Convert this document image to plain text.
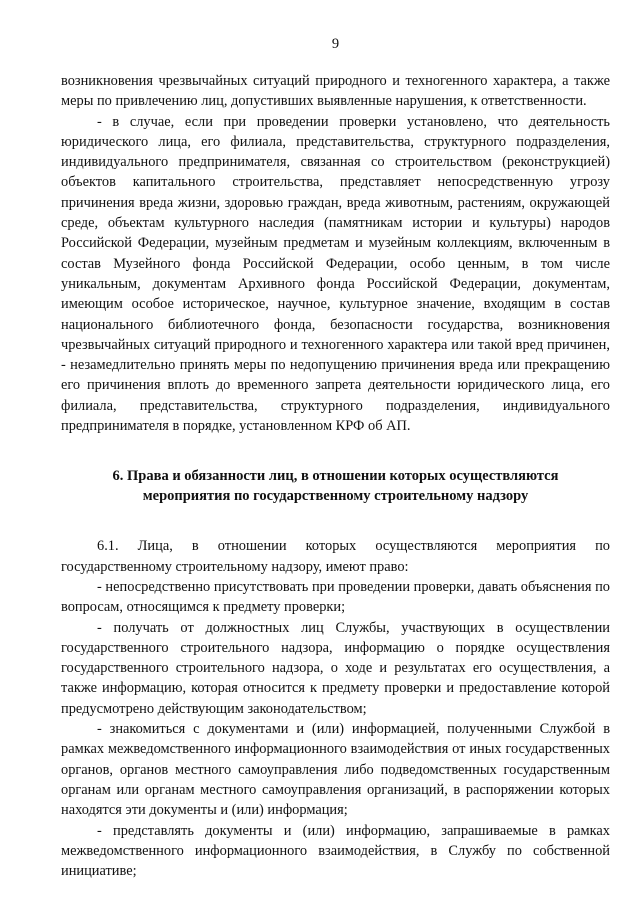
9

возникновения чрезвычайных ситуаций природного и техногенного характера, а также меры по привлечению лиц, допустивших выявленные нарушения, к ответственности.

- в случае, если при проведении проверки установлено, что деятельность юридического лица, его филиала, представительства, структурного подразделения, индивидуального предпринимателя, связанная со строительством (реконструкцией) объектов капитального строительства, представляет непосредственную угрозу причинения вреда жизни, здоровью граждан, вреда животным, растениям, окружающей среде, объектам культурного наследия (памятникам истории и культуры) народов Российской Федерации, музейным предметам и музейным коллекциям, включенным в состав Музейного фонда Российской Федерации, особо ценным, в том числе уникальным, документам Архивного фонда Российской Федерации, документам, имеющим особое историческое, научное, культурное значение, входящим в состав национального библиотечного фонда, безопасности государства, возникновения чрезвычайных ситуаций природного и техногенного характера или такой вред причинен, - незамедлительно принять меры по недопущению причинения вреда или прекращению его причинения вплоть до временного запрета деятельности юридического лица, его филиала, представительства, структурного подразделения, индивидуального предпринимателя в порядке, установленном КРФ об АП.

6. Права и обязанности лиц, в отношении которых осуществляются
мероприятия по государственному строительному надзору

6.1. Лица, в отношении которых осуществляются мероприятия по государственному строительному надзору, имеют право:

- непосредственно присутствовать при проведении проверки, давать объяснения по вопросам, относящимся к предмету проверки;

- получать от должностных лиц Службы, участвующих в осуществлении государственного строительного надзора, информацию о порядке осуществления государственного строительного надзора, о ходе и результатах его осуществления, а также информацию, которая относится к предмету проверки и предоставление которой предусмотрено действующим законодательством;

- знакомиться с документами и (или) информацией, полученными Службой в рамках межведомственного информационного взаимодействия от иных государственных органов, органов местного самоуправления либо подведомственных государственным органам или органам местного самоуправления организаций, в распоряжении которых находятся эти документы и (или) информация;

- представлять документы и (или) информацию, запрашиваемые в рамках межведомственного информационного взаимодействия, в Службу по собственной инициативе;
